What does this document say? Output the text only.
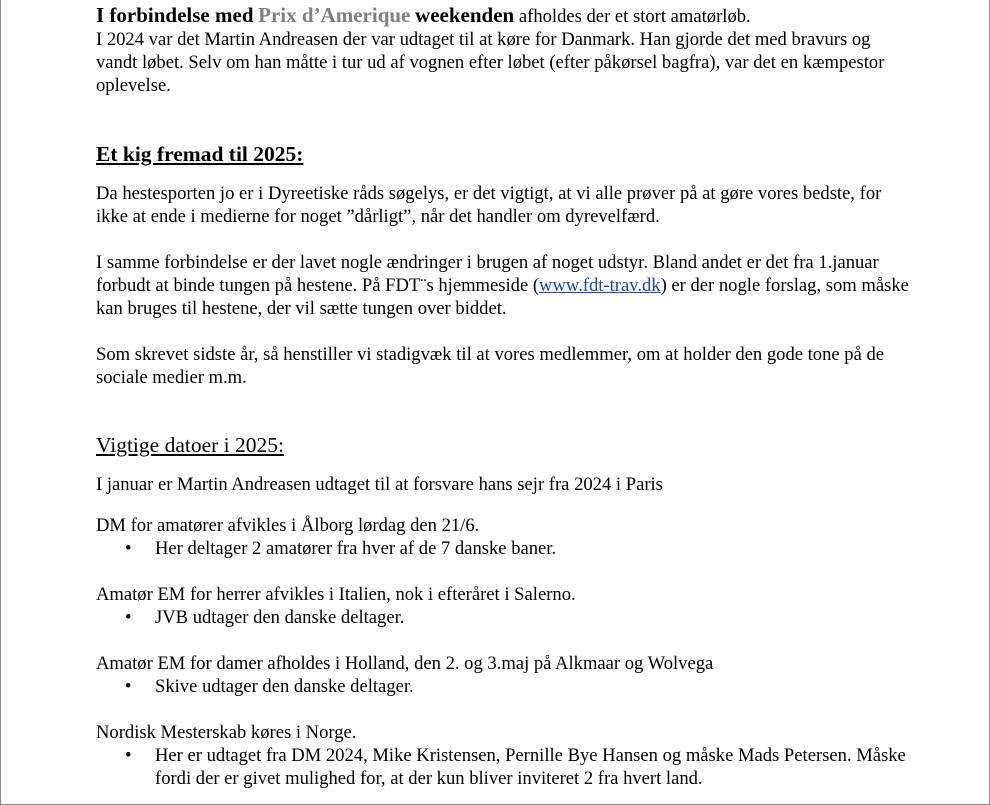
I forbindelse med Prix d’Amerique weekenden afholdes der et stort amatørløb.
I 2024 var det Martin Andreasen der var udtaget til at køre for Danmark. Han gjorde det med bravurs og vandt løbet. Selv om han måtte i tur ud af vognen efter løbet (efter påkørsel bagfra), var det en kæmpestor oplevelse.

Et kig fremad til 2025:

Da hestesporten jo er i Dyreetiske råds søgelys, er det vigtigt, at vi alle prøver på at gøre vores bedste, for ikke at ende i medierne for noget ”dårligt”, når det handler om dyrevelfærd.

I samme forbindelse er der lavet nogle ændringer i brugen af noget udstyr. Bland andet er det fra 1.januar forbudt at binde tungen på hestene. På FDT¨s hjemmeside (www.fdt-trav.dk) er der nogle forslag, som måske kan bruges til hestene, der vil sætte tungen over biddet.

Som skrevet sidste år, så henstiller vi stadigvæk til at vores medlemmer, om at holder den gode tone på de sociale medier m.m.

Vigtige datoer i 2025:

I januar er Martin Andreasen udtaget til at forsvare hans sejr fra 2024 i Paris

DM for amatører afvikles i Ålborg lørdag den 21/6.

• Her deltager 2 amatører fra hver af de 7 danske baner.

Amatør EM for herrer afvikles i Italien, nok i efteråret i Salerno.

• JVB udtager den danske deltager.

Amatør EM for damer afholdes i Holland, den 2. og 3.maj på Alkmaar og Wolvega

• Skive udtager den danske deltager.

Nordisk Mesterskab køres i Norge.

• Her er udtaget fra DM 2024, Mike Kristensen, Pernille Bye Hansen og måske Mads Petersen. Måske fordi der er givet mulighed for, at der kun bliver inviteret 2 fra hvert land.
